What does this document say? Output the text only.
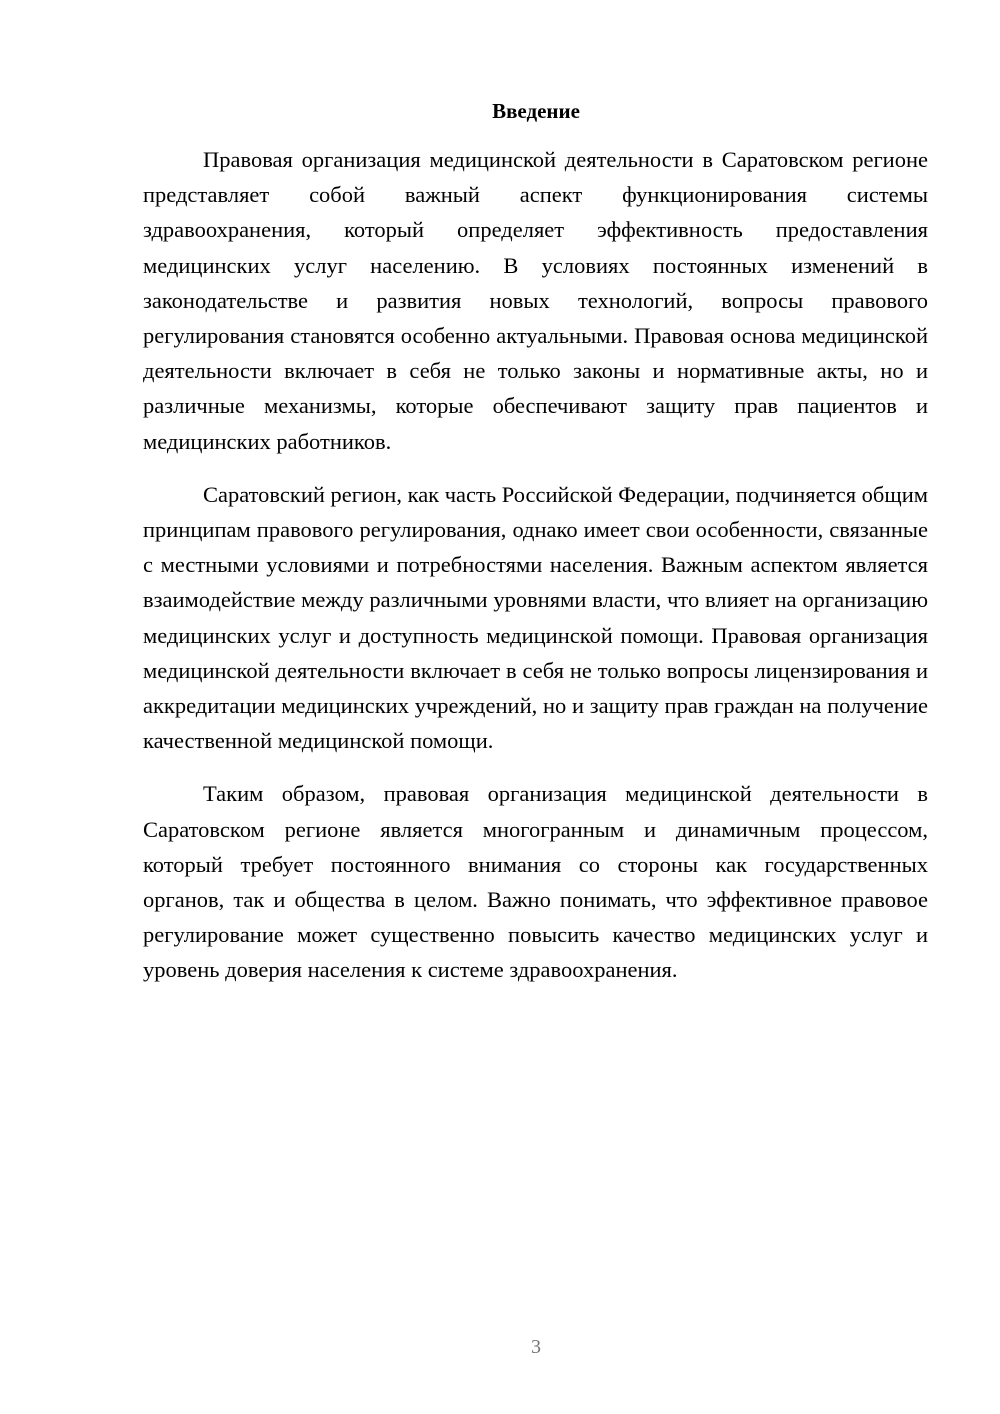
Введение

Правовая организация медицинской деятельности в Саратовском регионе представляет собой важный аспект функционирования системы здравоохранения, который определяет эффективность предоставления медицинских услуг населению. В условиях постоянных изменений в законодательстве и развития новых технологий, вопросы правового регулирования становятся особенно актуальными. Правовая основа медицинской деятельности включает в себя не только законы и нормативные акты, но и различные механизмы, которые обеспечивают защиту прав пациентов и медицинских работников.

Саратовский регион, как часть Российской Федерации, подчиняется общим принципам правового регулирования, однако имеет свои особенности, связанные с местными условиями и потребностями населения. Важным аспектом является взаимодействие между различными уровнями власти, что влияет на организацию медицинских услуг и доступность медицинской помощи. Правовая организация медицинской деятельности включает в себя не только вопросы лицензирования и аккредитации медицинских учреждений, но и защиту прав граждан на получение качественной медицинской помощи.

Таким образом, правовая организация медицинской деятельности в Саратовском регионе является многогранным и динамичным процессом, который требует постоянного внимания со стороны как государственных органов, так и общества в целом. Важно понимать, что эффективное правовое регулирование может существенно повысить качество медицинских услуг и уровень доверия населения к системе здравоохранения.

3
